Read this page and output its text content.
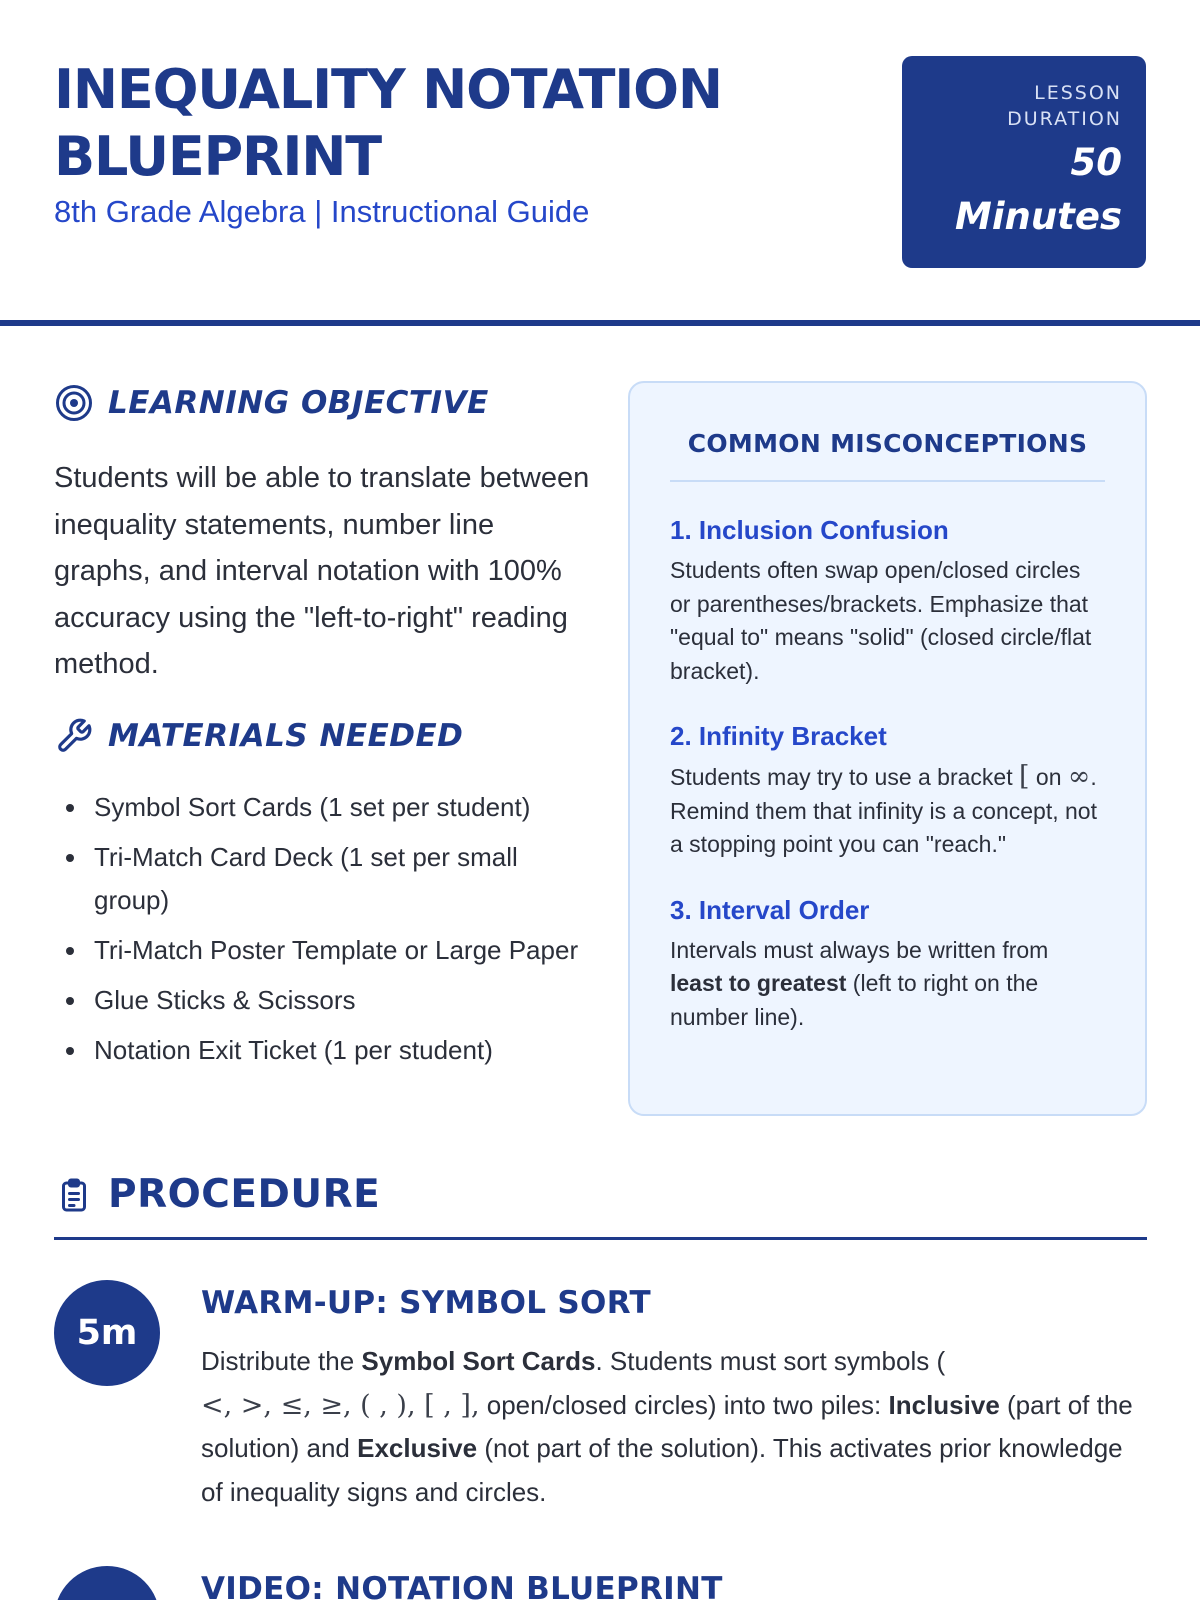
INEQUALITY NOTATION BLUEPRINT
8th Grade Algebra | Instructional Guide
LESSON
DURATION
50
Minutes
LEARNING OBJECTIVE

Students will be able to translate between inequality statements, number line graphs, and interval notation with 100% accuracy using the "left-to-right" reading method.

MATERIALS NEEDED
Symbol Sort Cards (1 set per student)
Tri-Match Card Deck (1 set per small group)
Tri-Match Poster Template or Large Paper
Glue Sticks & Scissors
Notation Exit Ticket (1 per student)
COMMON MISCONCEPTIONS
1. Inclusion Confusion
Students often swap open/closed circles or parentheses/brackets. Emphasize that "equal to" means "solid" (closed circle/flat bracket).
2. Infinity Bracket
Students may try to use a bracket [ on ∞. Remind them that infinity is a concept, not a stopping point you can "reach."
3. Interval Order
Intervals must always be written from least to greatest (left to right on the number line).
PROCEDURE
5m
WARM-UP: SYMBOL SORT
Distribute the Symbol Sort Cards. Students must sort symbols (
<, >, ≤, ≥, ( , ), [ , ], open/closed circles) into two piles: Inclusive (part of the solution) and Exclusive (not part of the solution). This activates prior knowledge of inequality signs and circles.
VIDEO: NOTATION BLUEPRINT
